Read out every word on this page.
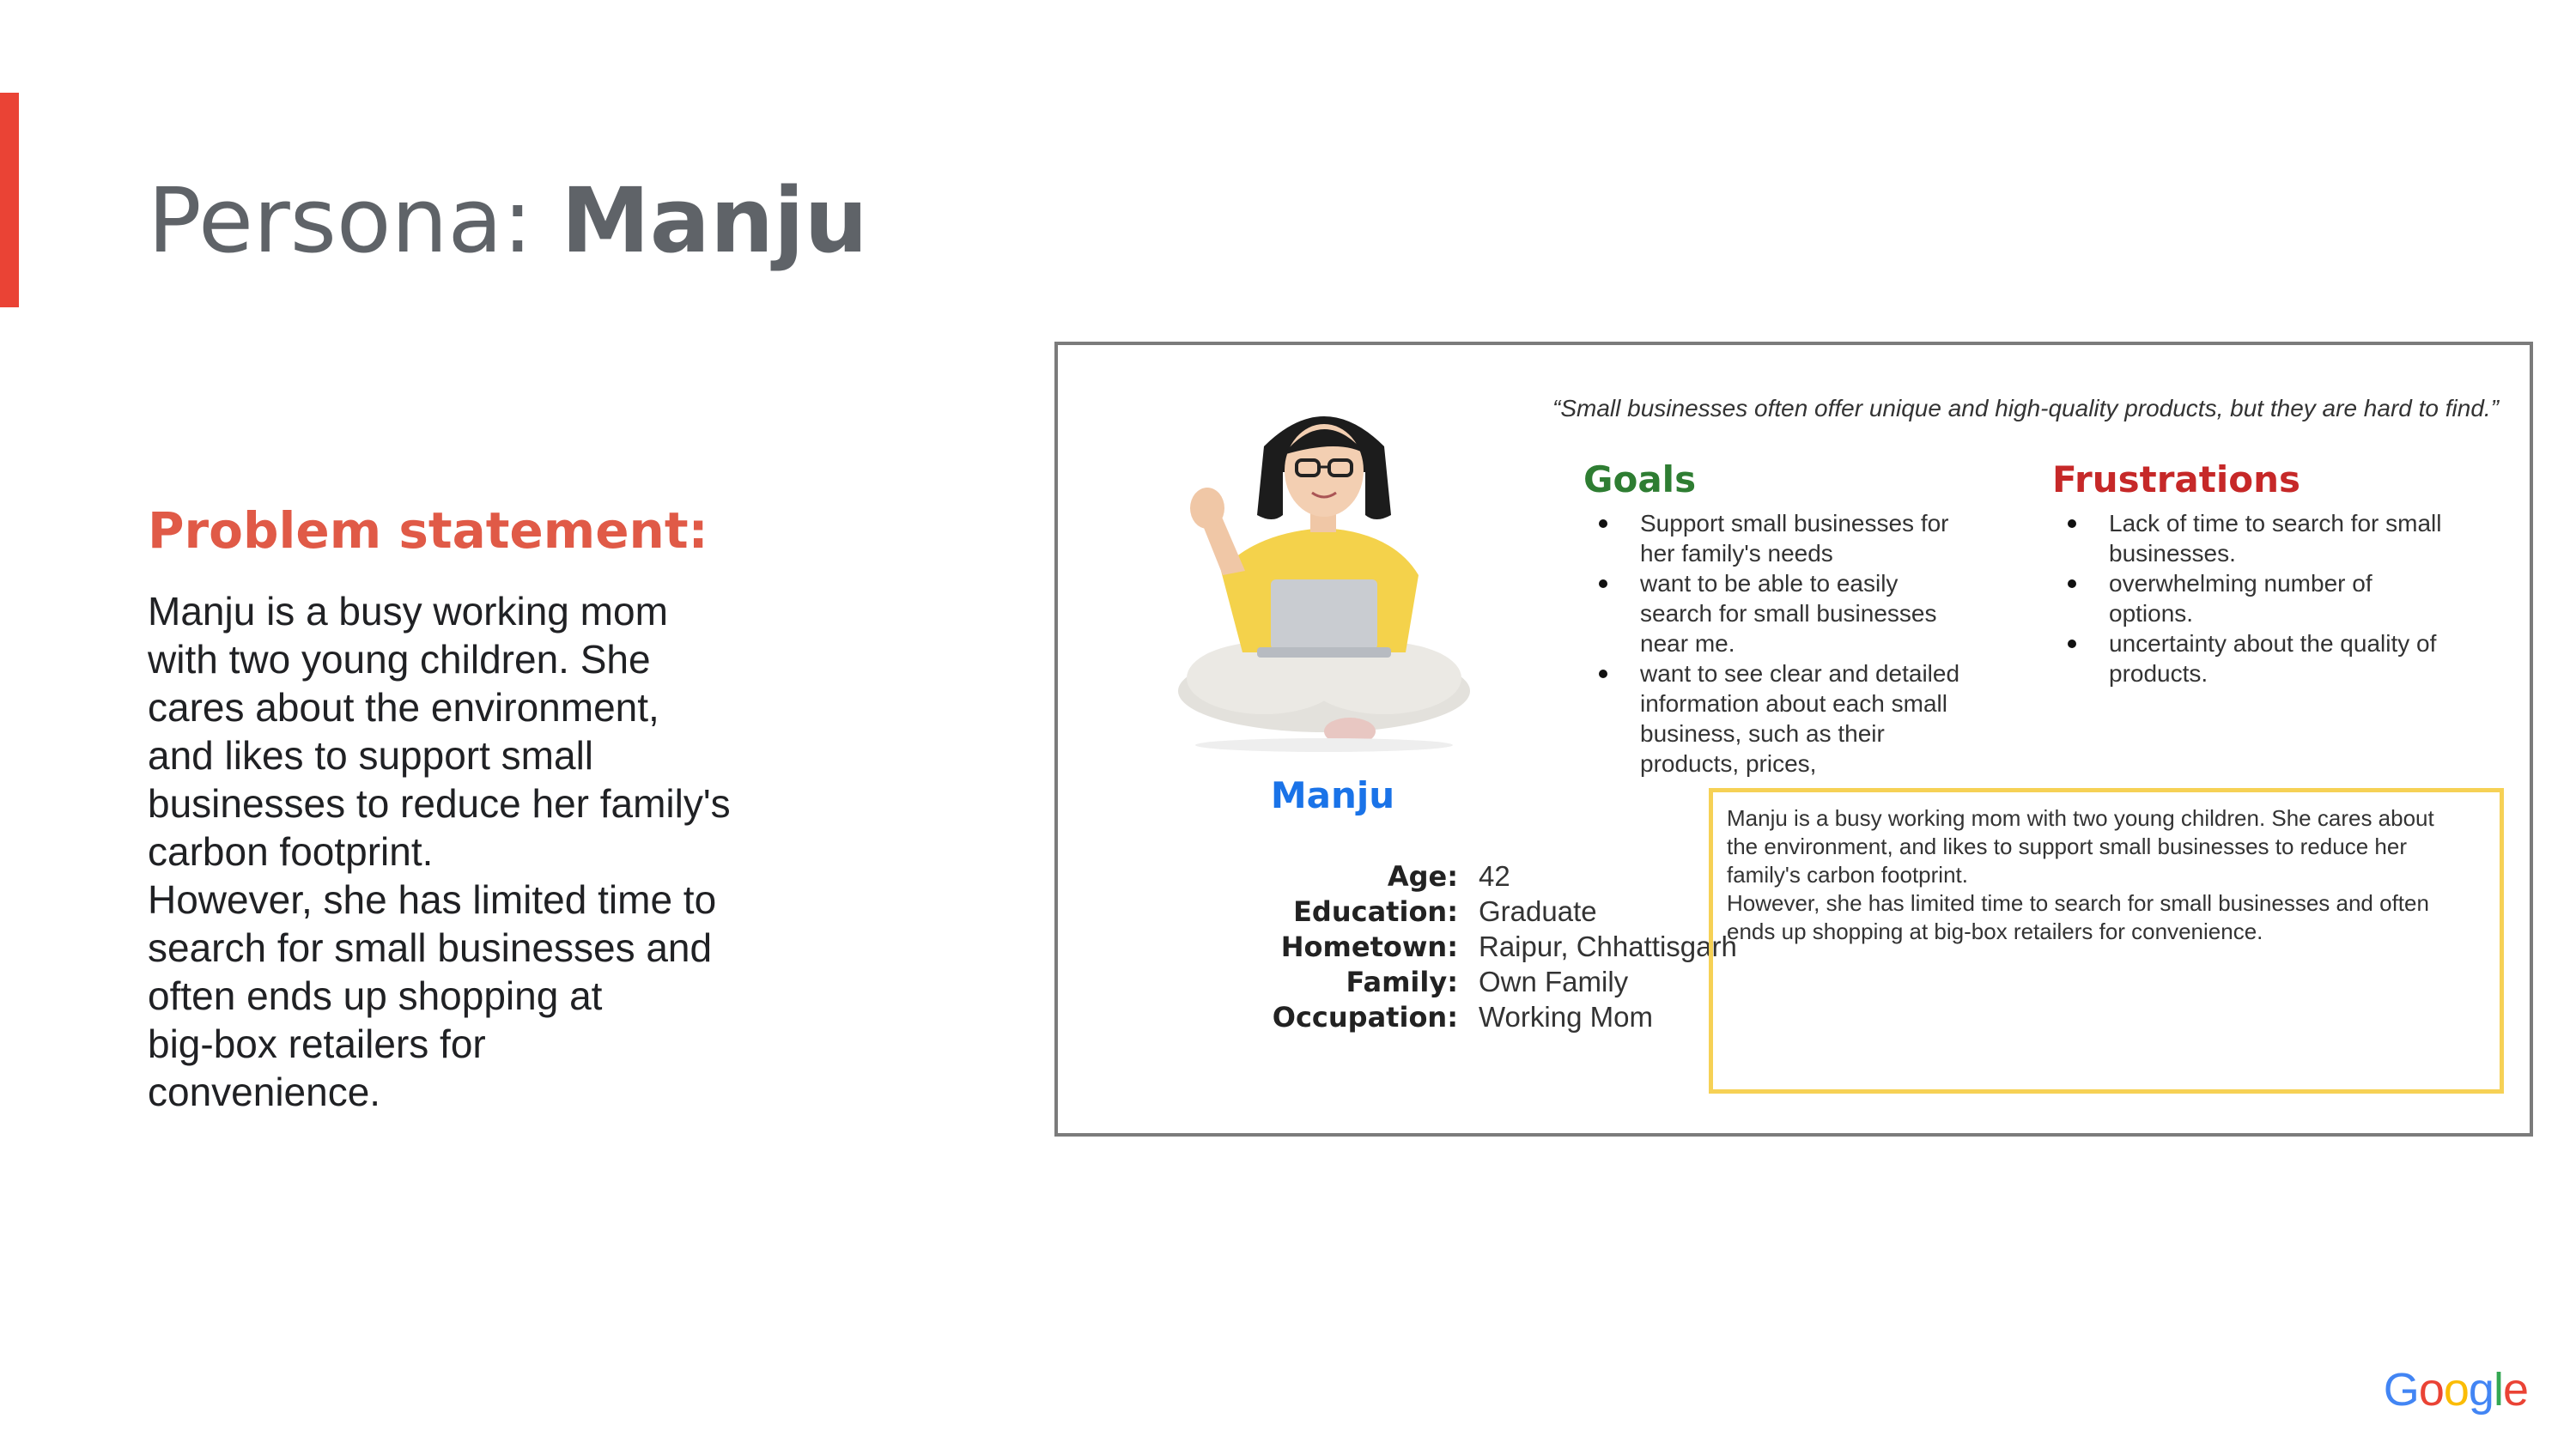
Persona: Manju
Problem statement:

Manju is a busy working mom
with two young children. She
cares about the environment,
and likes to support small
businesses to reduce her family's
carbon footprint.
However, she has limited time to
search for small businesses and
often ends up shopping at
big-box retailers for
convenience.

“Small businesses often offer unique and high-quality products, but they are hard to find.”
Manju
Age: 42
Education: Graduate
Hometown: Raipur, Chhattisgarh
Family: Own Family
Occupation: Working Mom
Goals
Support small businesses for
her family's needs
want to be able to easily
search for small businesses
near me.
want to see clear and detailed
information about each small
business, such as their
products, prices,
Frustrations
Lack of time to search for small
businesses.
overwhelming number of
options.
uncertainty about the quality of
products.

Manju is a busy working mom with two young children. She cares about
the environment, and likes to support small businesses to reduce her
family's carbon footprint.
However, she has limited time to search for small businesses and often
ends up shopping at big-box retailers for convenience.

Google
